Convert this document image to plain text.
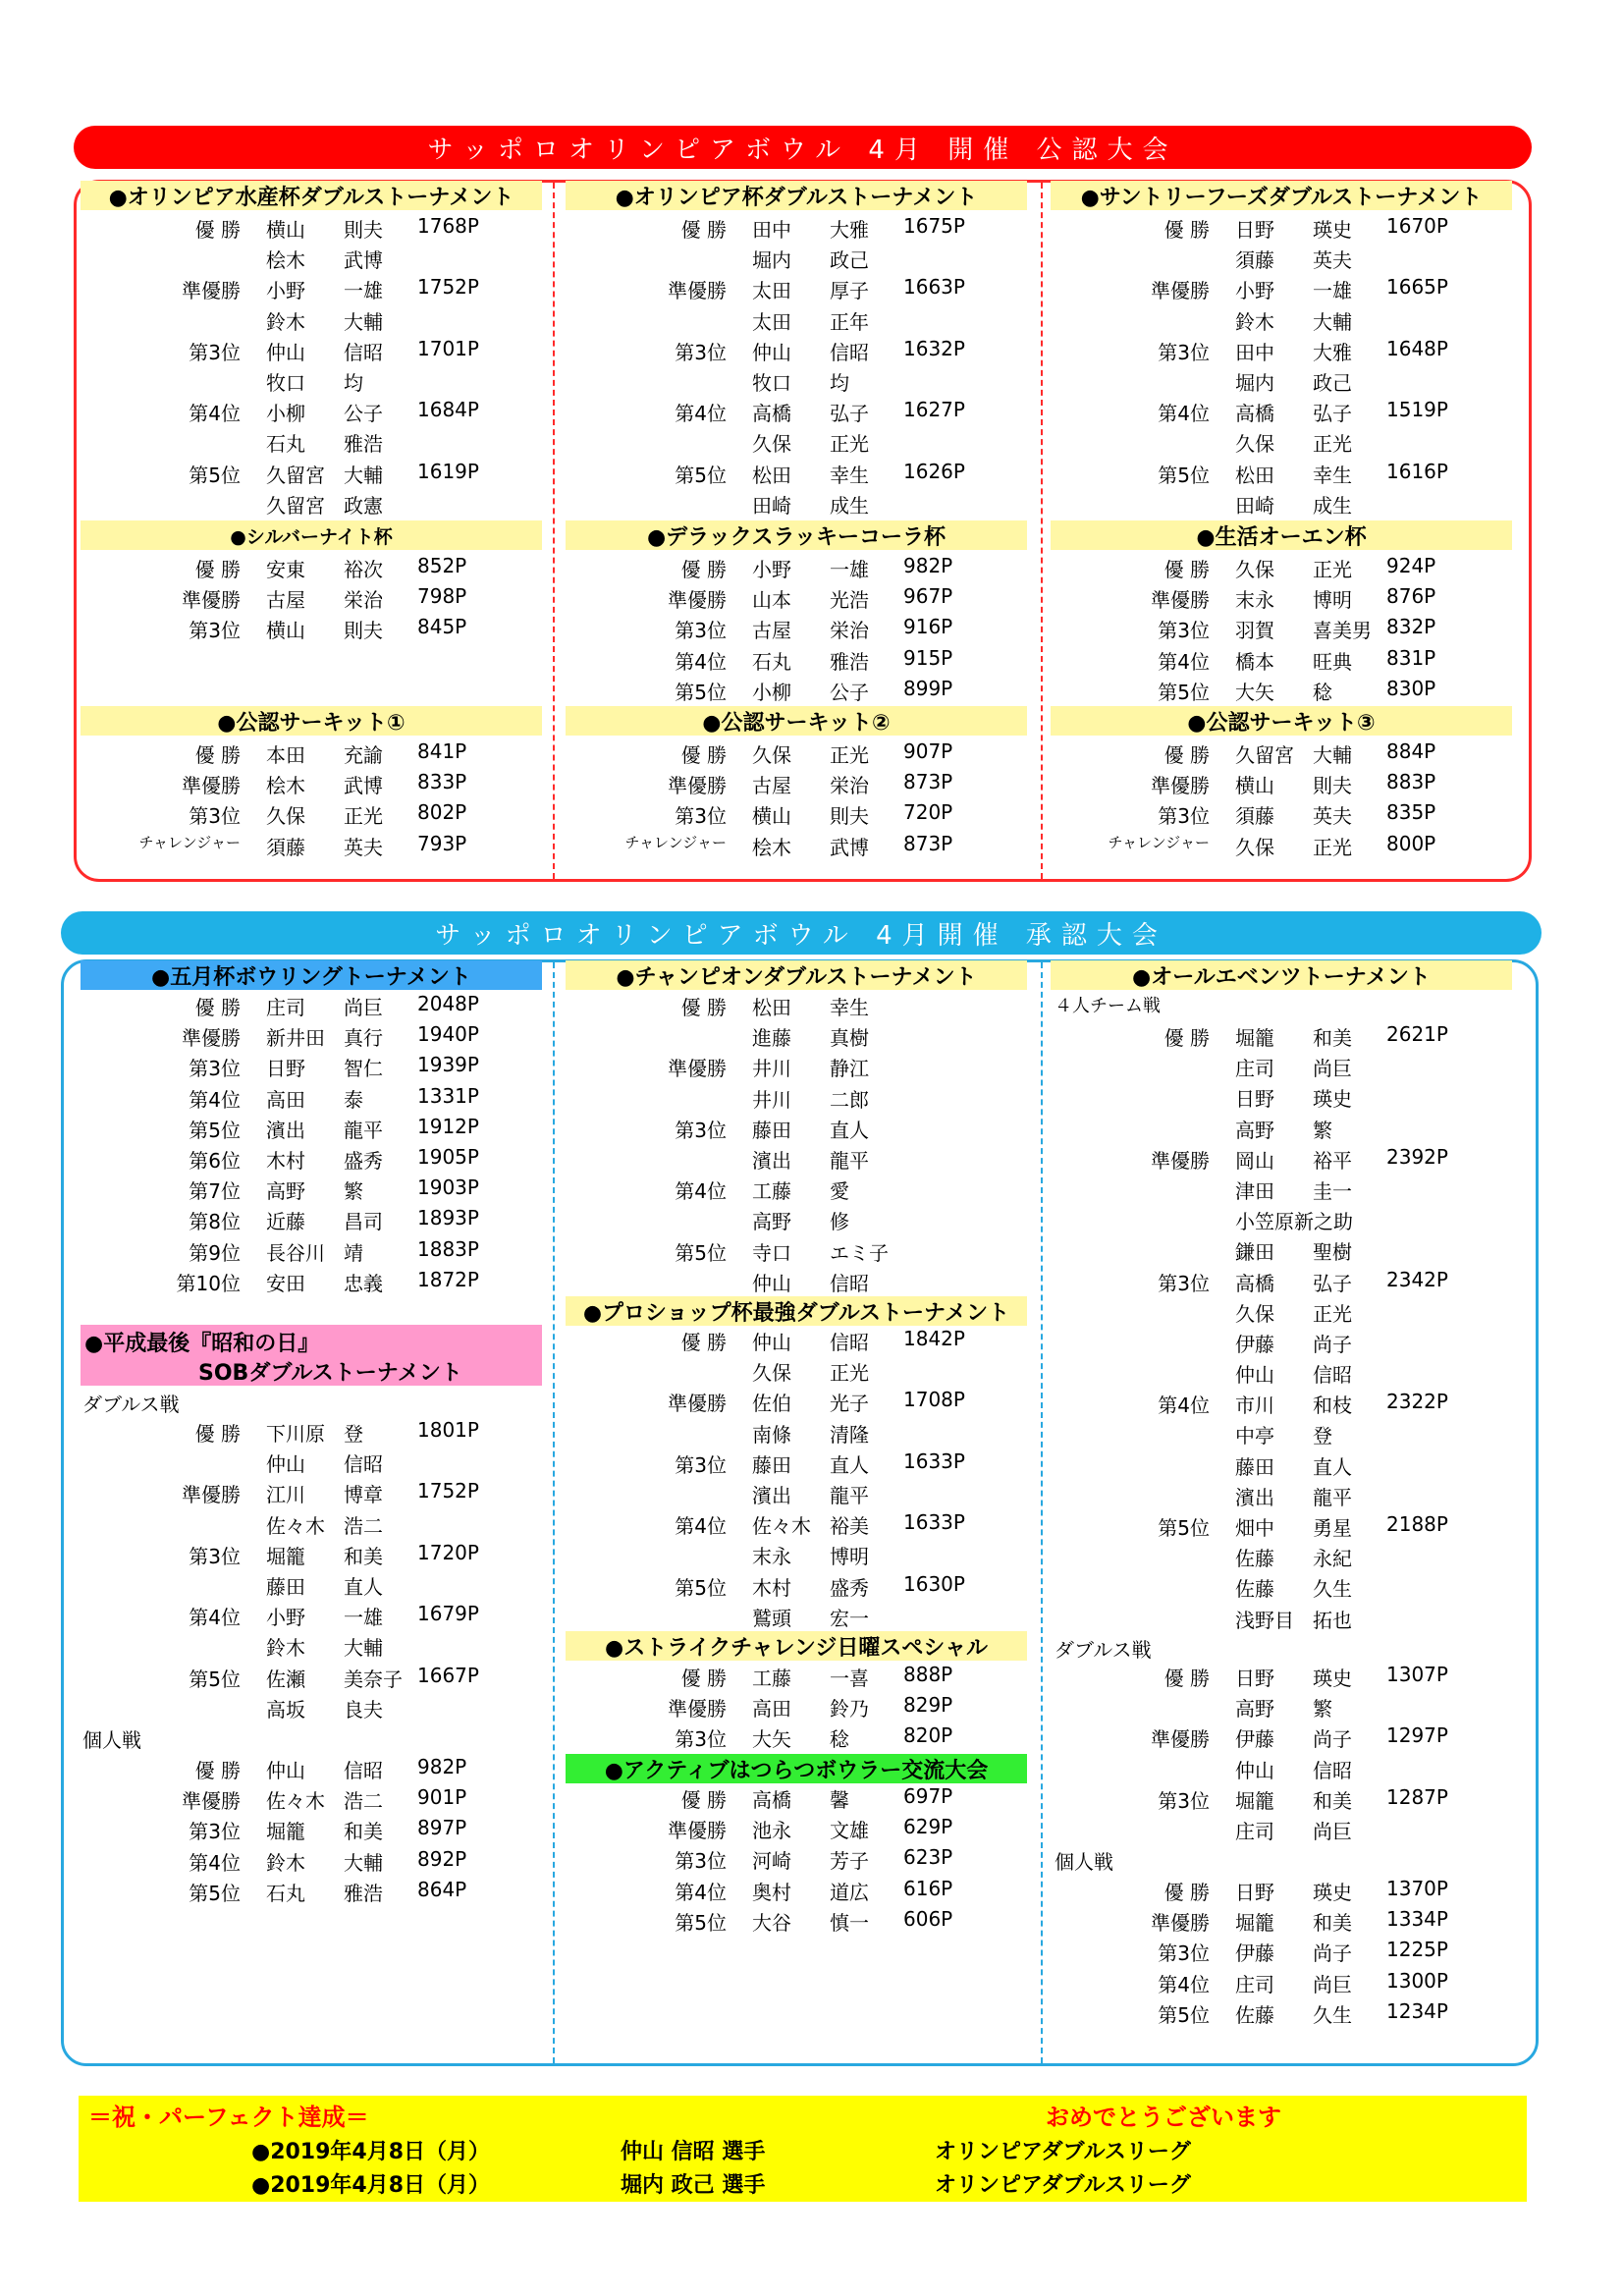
サッポロオリンピアボウル 4月 開催 公認大会
サッポロオリンピアボウル 4月開催 承認大会
●オリンピア水産杯ダブルストーナメント
優 勝 横山 則夫 1768P
桧木 武博
準優勝 小野 一雄 1752P
鈴木 大輔
第3位 仲山 信昭 1701P
牧口 均
第4位 小柳 公子 1684P
石丸 雅浩
第5位 久留宮 大輔 1619P
久留宮 政憲
●オリンピア杯ダブルストーナメント
優 勝 田中 大雅 1675P
堀内 政己
準優勝 太田 厚子 1663P
太田 正年
第3位 仲山 信昭 1632P
牧口 均
第4位 高橋 弘子 1627P
久保 正光
第5位 松田 幸生 1626P
田崎 成生
●サントリーフーズダブルストーナメント
優 勝 日野 瑛史 1670P
須藤 英夫
準優勝 小野 一雄 1665P
鈴木 大輔
第3位 田中 大雅 1648P
堀内 政己
第4位 高橋 弘子 1519P
久保 正光
第5位 松田 幸生 1616P
田崎 成生
●シルバーナイト杯
優 勝 安東 裕次 852P
準優勝 古屋 栄治 798P
第3位 横山 則夫 845P
●デラックスラッキーコーラ杯
優 勝 小野 一雄 982P
準優勝 山本 光浩 967P
第3位 古屋 栄治 916P
第4位 石丸 雅浩 915P
第5位 小柳 公子 899P
●生活オーエン杯
優 勝 久保 正光 924P
準優勝 末永 博明 876P
第3位 羽賀 喜美男 832P
第4位 橋本 旺典 831P
第5位 大矢 稔	830P
●公認サーキット①
優 勝 本田 充諭 841P
準優勝 桧木 武博 833P
第3位 久保 正光 802P
チャレンジャー 須藤 英夫 793P
●公認サーキット②
優 勝 久保 正光 907P
準優勝 古屋 栄治 873P
第3位 横山 則夫 720P
チャレンジャー 桧木 武博 873P
●公認サーキット③
優 勝 久留宮 大輔 884P
準優勝 横山 則夫 883P
第3位 須藤 英夫 835P
チャレンジャー 久保 正光 800P
●五月杯ボウリングトーナメント
優 勝 庄司 尚巨 2048P
準優勝 新井田 真行 1940P
第3位 日野 智仁 1939P
第4位 高田 泰	1331P
第5位 濱出 龍平 1912P
第6位 木村 盛秀 1905P
第7位 高野 繁	1903P
第8位 近藤 昌司 1893P
第9位 長谷川 靖	1883P
第10位 安田 忠義 1872P
●平成最後『昭和の日』
SOBダブルストーナメント
ダブルス戦
優 勝 下川原 登	1801P
仲山 信昭
準優勝 江川 博章 1752P
佐々木 浩二
第3位 堀籠 和美 1720P
藤田 直人
第4位 小野 一雄 1679P
鈴木 大輔
第5位 佐瀬 美奈子 1667P
高坂 良夫
個人戦
優 勝 仲山 信昭 982P
準優勝 佐々木 浩二 901P
第3位 堀籠 和美 897P
第4位 鈴木 大輔 892P
第5位 石丸 雅浩 864P
●チャンピオンダブルストーナメント
優 勝 松田 幸生
進藤 真樹
準優勝 井川 静江
井川 二郎
第3位 藤田 直人
濱出 龍平
第4位 工藤 愛
高野 修
第5位 寺口 エミ子
仲山 信昭
●プロショップ杯最強ダブルストーナメント
優 勝 仲山 信昭 1842P
久保 正光
準優勝 佐伯 光子 1708P
南條 清隆
第3位 藤田 直人 1633P
濱出 龍平
第4位 佐々木 裕美 1633P
末永 博明
第5位 木村 盛秀 1630P
鷲頭 宏一
●ストライクチャレンジ日曜スペシャル
優 勝 工藤 一喜 888P
準優勝 高田 鈴乃 829P
第3位 大矢 稔	820P
●アクティブはつらつボウラー交流大会
優 勝 高橋 馨	697P
準優勝 池永 文雄 629P
第3位 河崎 芳子 623P
第4位 奥村 道広 616P
第5位 大谷 慎一 606P
●オールエベンツトーナメント
４人チーム戦
優 勝 堀籠 和美 2621P
庄司 尚巨
日野 瑛史
高野 繁
準優勝 岡山 裕平 2392P
津田 圭一
小笠原新之助
鎌田 聖樹
第3位 高橋 弘子 2342P
久保 正光
伊藤 尚子
仲山 信昭
第4位 市川 和枝 2322P
中亭 登
藤田 直人
濱出 龍平
第5位 畑中 勇星 2188P
佐藤 永紀
佐藤 久生
浅野目 拓也
ダブルス戦
優 勝 日野 瑛史 1307P
高野 繁
準優勝 伊藤 尚子 1297P
仲山 信昭
第3位 堀籠 和美 1287P
庄司 尚巨
個人戦
優 勝 日野 瑛史 1370P
準優勝 堀籠 和美 1334P
第3位 伊藤 尚子 1225P
第4位 庄司 尚巨 1300P
第5位 佐藤 久生 1234P
＝祝・パーフェクト達成＝	おめでとうございます
●2019年4月8日（月）	仲山 信昭 選手	オリンピアダブルスリーグ
●2019年4月8日（月）	堀内 政己 選手	オリンピアダブルスリーグ
